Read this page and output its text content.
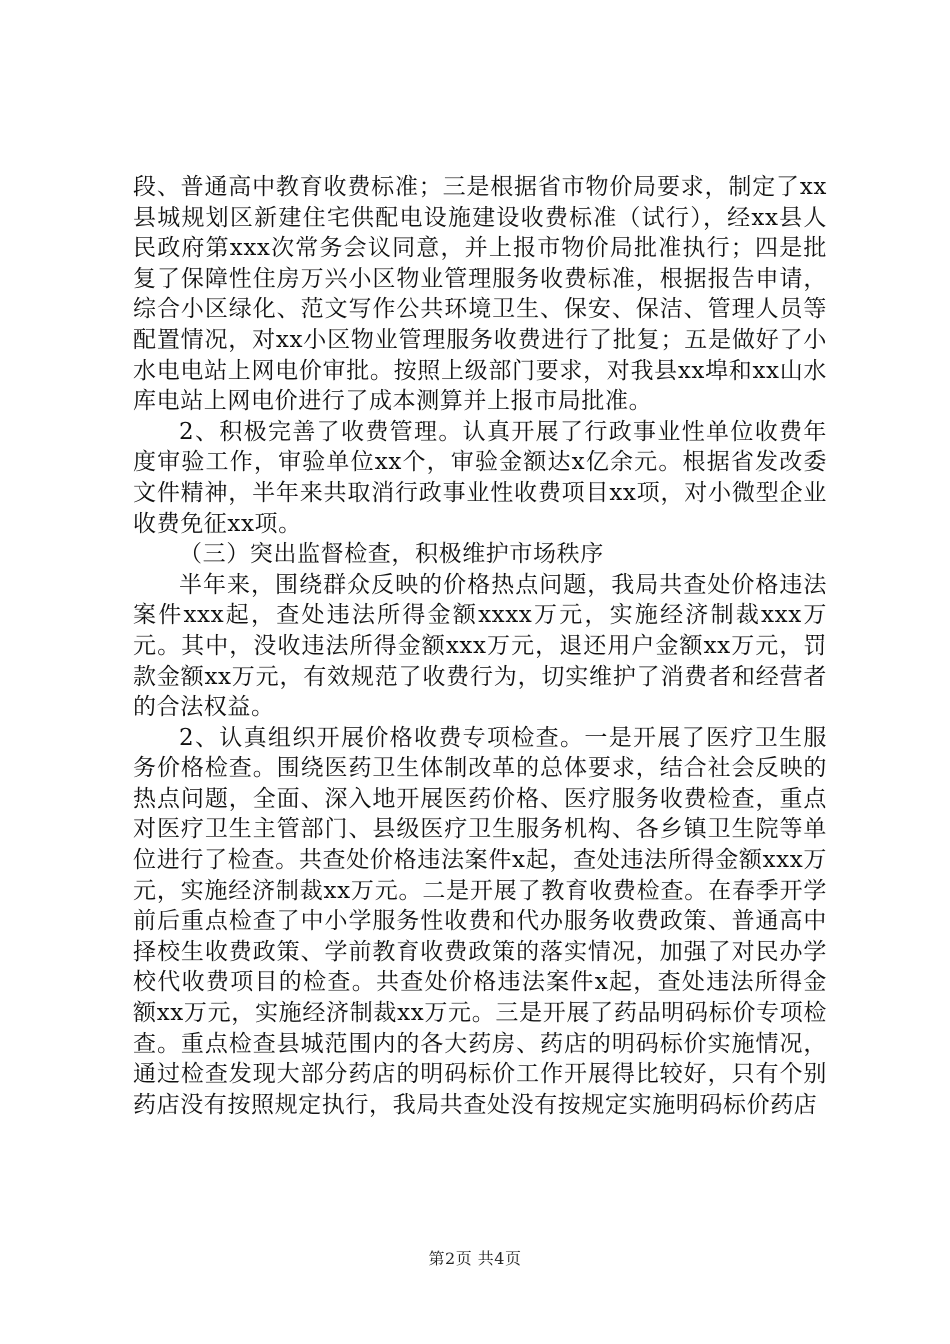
段、普通高中教育收费标准；三是根据省市物价局要求，制定了xx县城规划区新建住宅供配电设施建设收费标准（试行），经xx县人民政府第xxx次常务会议同意，并上报市物价局批准执行；四是批复了保障性住房万兴小区物业管理服务收费标准，根据报告申请，综合小区绿化、范文写作公共环境卫生、保安、保洁、管理人员等配置情况，对xx小区物业管理服务收费进行了批复；五是做好了小水电电站上网电价审批。按照上级部门要求，对我县xx埠和xx山水库电站上网电价进行了成本测算并上报市局批准。

2、积极完善了收费管理。认真开展了行政事业性单位收费年度审验工作，审验单位xx个，审验金额达x亿余元。根据省发改委文件精神，半年来共取消行政事业性收费项目xx项，对小微型企业收费免征xx项。

（三）突出监督检查，积极维护市场秩序

半年来，围绕群众反映的价格热点问题，我局共查处价格违法案件xxx起，查处违法所得金额xxxx万元，实施经济制裁xxx万元。其中，没收违法所得金额xxx万元，退还用户金额xx万元，罚款金额xx万元，有效规范了收费行为，切实维护了消费者和经营者的合法权益。

2、认真组织开展价格收费专项检查。一是开展了医疗卫生服务价格检查。围绕医药卫生体制改革的总体要求，结合社会反映的热点问题，全面、深入地开展医药价格、医疗服务收费检查，重点对医疗卫生主管部门、县级医疗卫生服务机构、各乡镇卫生院等单位进行了检查。共查处价格违法案件x起，查处违法所得金额xxx万元，实施经济制裁xx万元。二是开展了教育收费检查。在春季开学前后重点检查了中小学服务性收费和代办服务收费政策、普通高中择校生收费政策、学前教育收费政策的落实情况，加强了对民办学校代收费项目的检查。共查处价格违法案件x起，查处违法所得金额xx万元，实施经济制裁xx万元。三是开展了药品明码标价专项检查。重点检查县城范围内的各大药房、药店的明码标价实施情况，通过检查发现大部分药店的明码标价工作开展得比较好，只有个别药店没有按照规定执行，我局共查处没有按规定实施明码标价药店

第2页 共4页
